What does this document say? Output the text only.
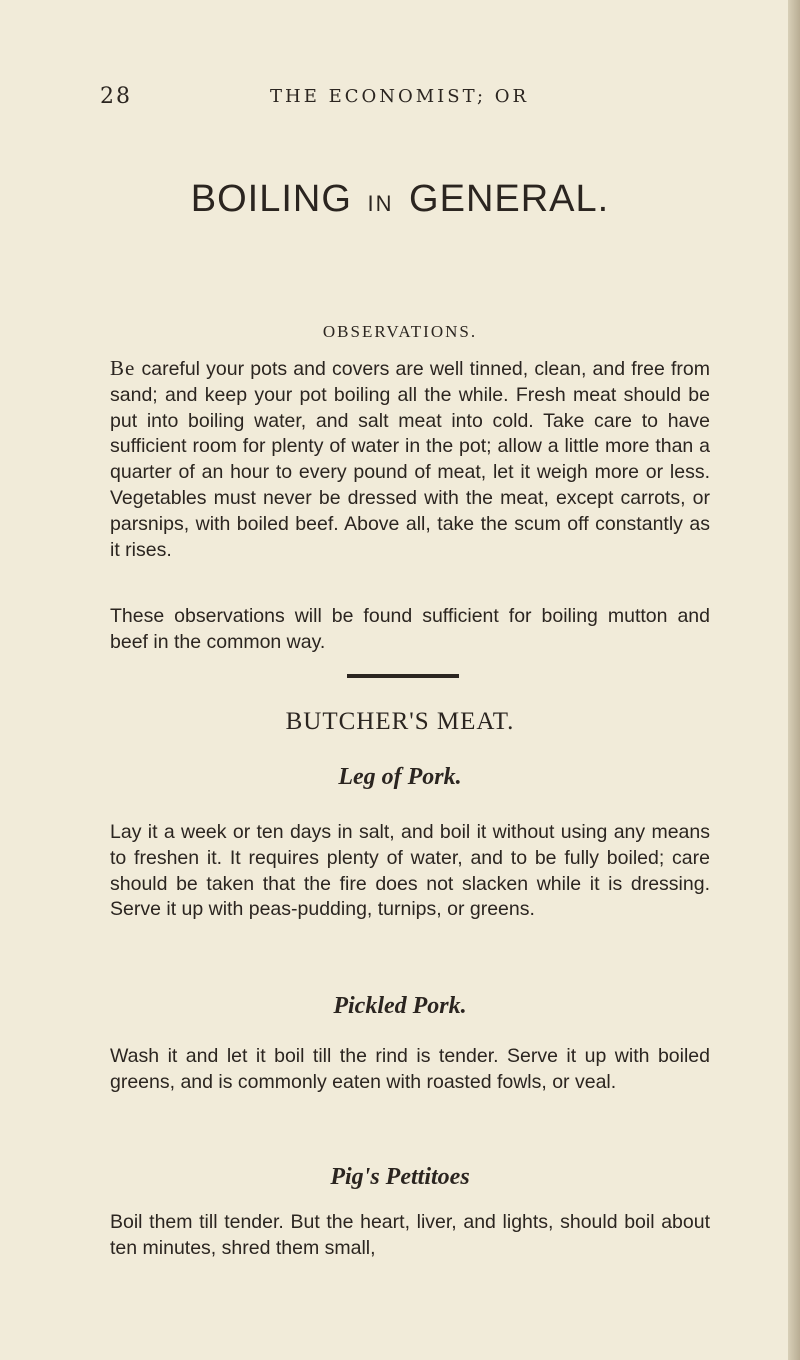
28	THE ECONOMIST; OR
BOILING IN GENERAL.
OBSERVATIONS.

Be careful your pots and covers are well tinned, clean, and free from sand; and keep your pot boiling all the while. Fresh meat should be put into boiling water, and salt meat into cold. Take care to have sufficient room for plenty of water in the pot; allow a little more than a quarter of an hour to every pound of meat, let it weigh more or less. Vegetables must never be dressed with the meat, except carrots, or parsnips, with boiled beef. Above all, take the scum off constantly as it rises.

These observations will be found sufficient for boiling mutton and beef in the common way.

BUTCHER'S MEAT.
Leg of Pork.

Lay it a week or ten days in salt, and boil it without using any means to freshen it. It requires plenty of water, and to be fully boiled; care should be taken that the fire does not slacken while it is dressing. Serve it up with peas-pudding, turnips, or greens.

Pickled Pork.

Wash it and let it boil till the rind is tender. Serve it up with boiled greens, and is commonly eaten with roasted fowls, or veal.

Pig's Pettitoes

Boil them till tender. But the heart, liver, and lights, should boil about ten minutes, shred them small,
